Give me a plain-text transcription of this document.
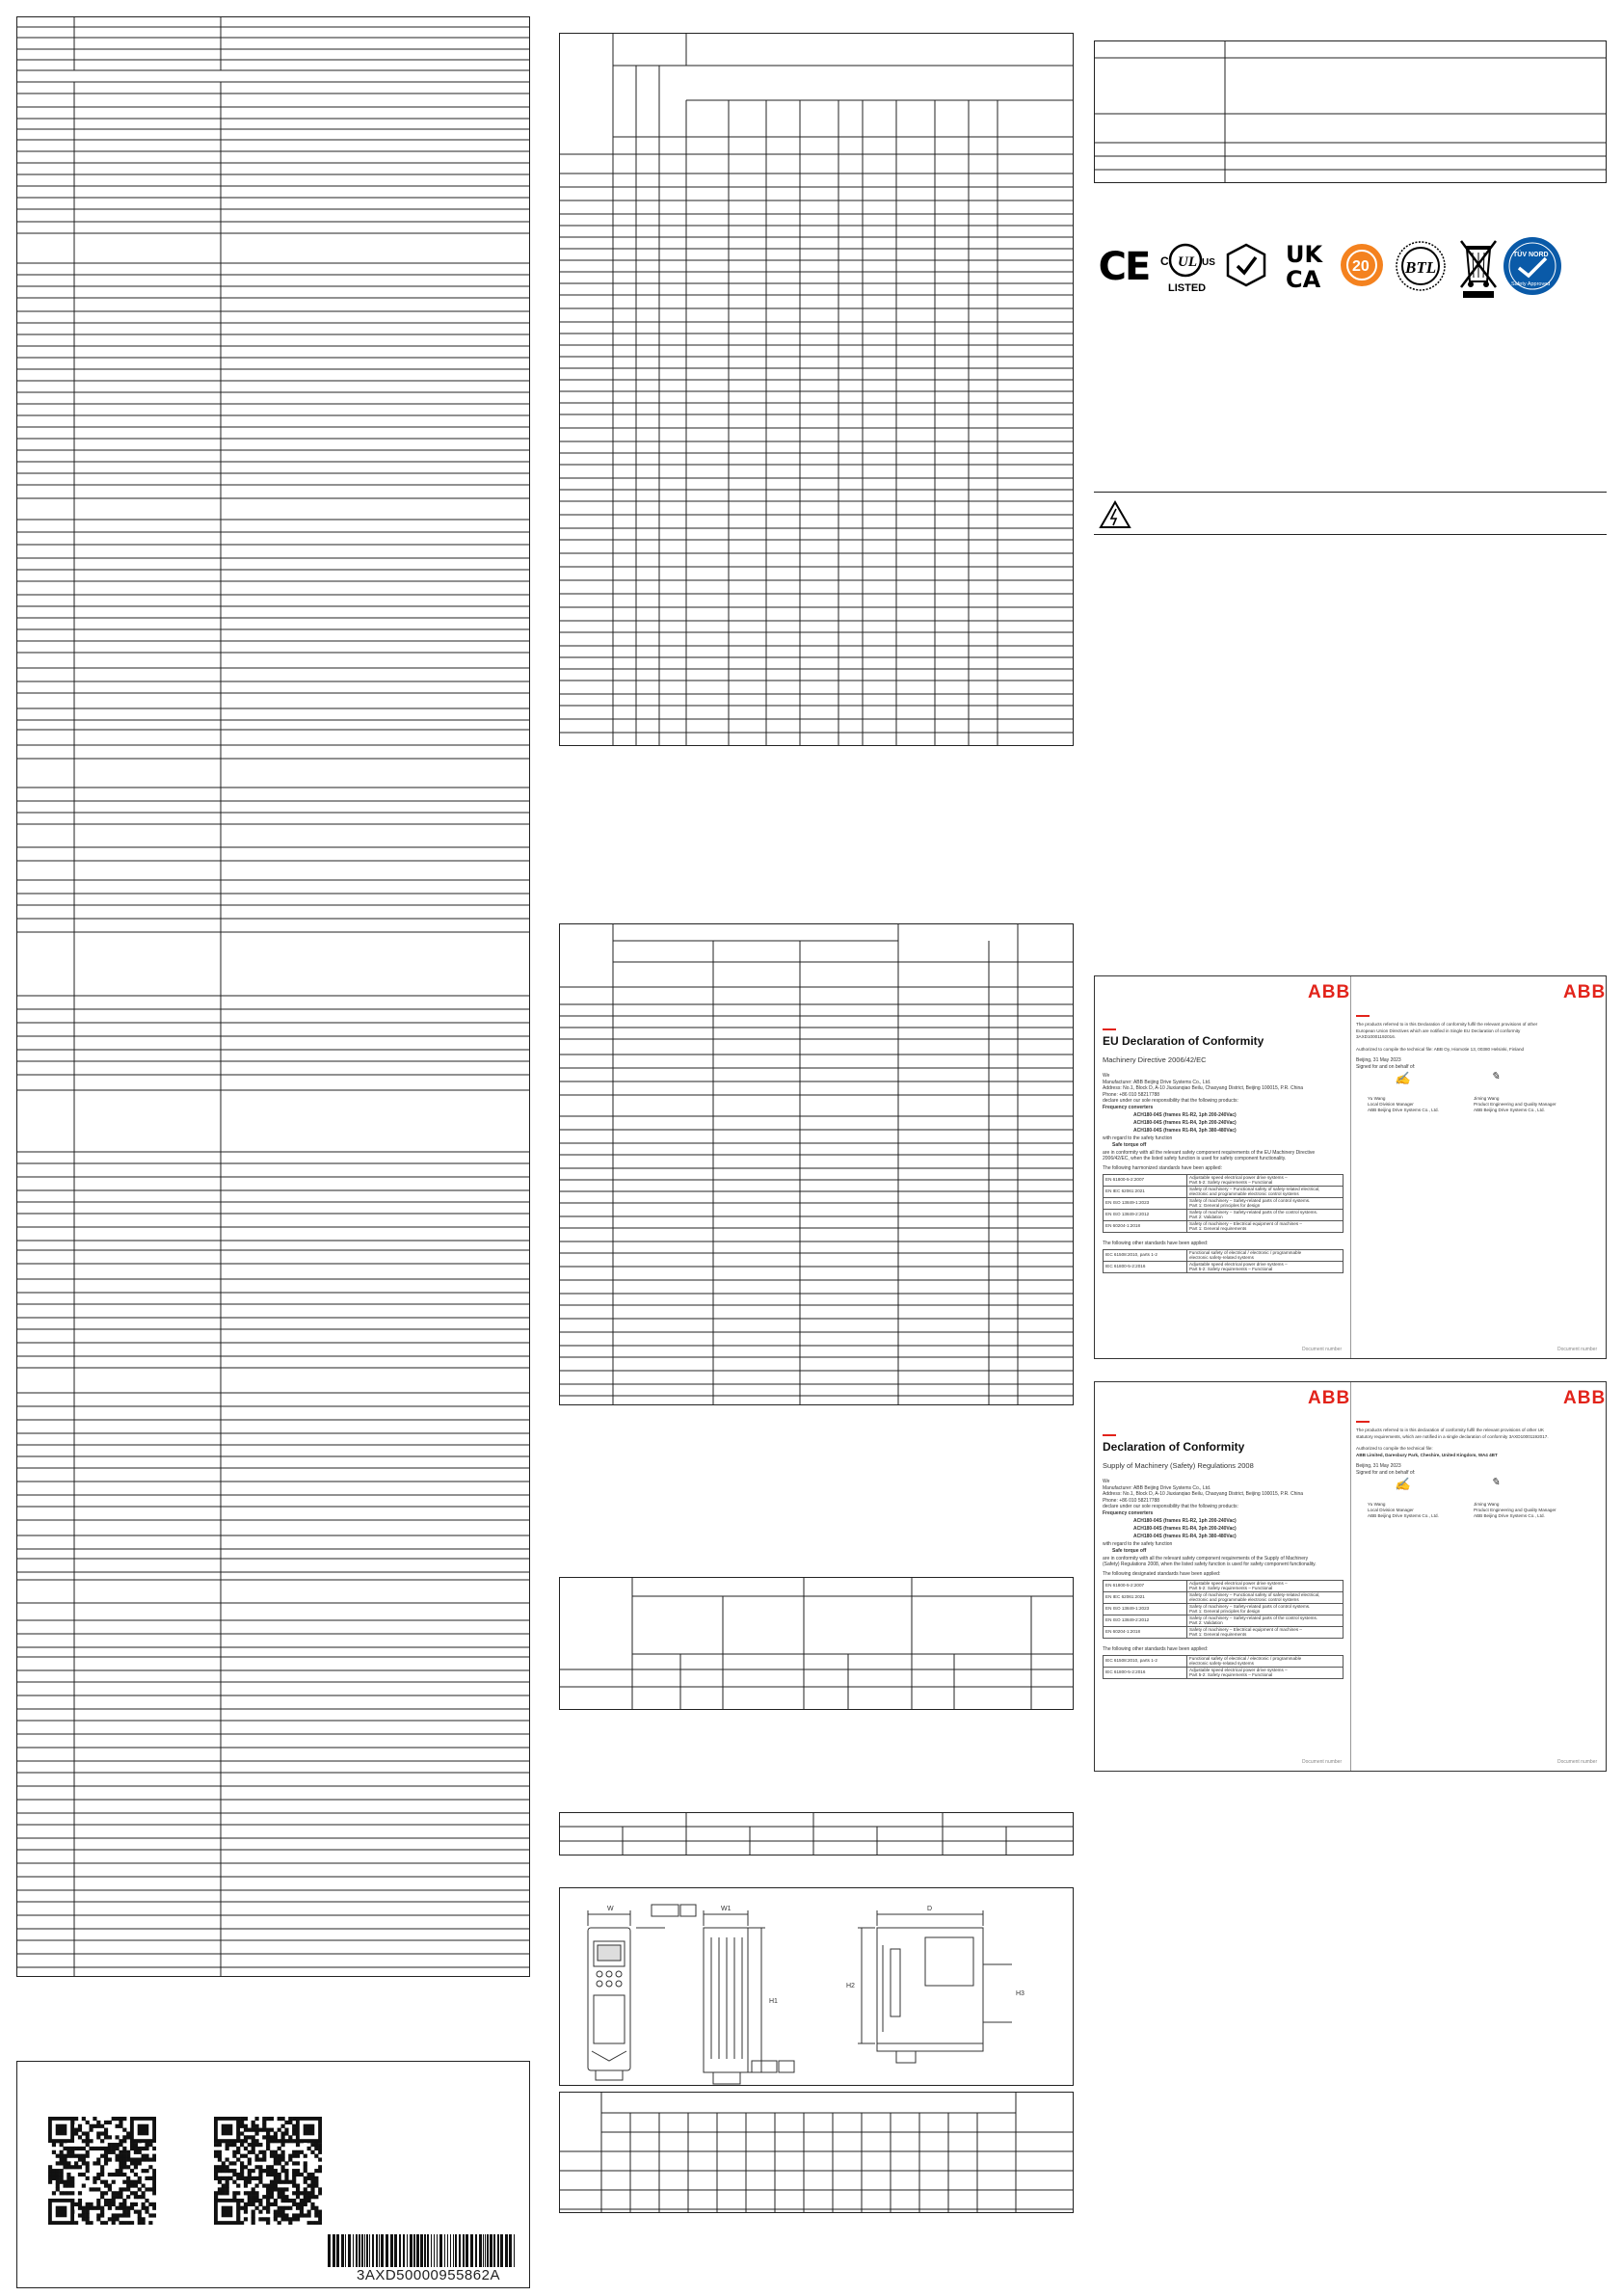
W	W1
H1
D
H2
H3
CE C UL US
LISTED
UK
CA 20 BTL
TÜV NORD
Safety Approved
ABB	ABB
EU Declaration of Conformity
Machinery Directive 2006/42/EC
We
Manufacturer: ABB Beijing Drive Systems Co., Ltd.
Address: No.1, Block D, A-10 Jiuxianqiao Beilu, Chaoyang District, Beijing 100015, P.R. China
Phone: +86 010 58217788
declare under our sole responsibility that the following products:
Frequency converters
ACH180-04S (frames R1-R2, 1ph 200-240Vac)
ACH180-04S (frames R1-R4, 3ph 200-240Vac)
ACH180-04S (frames R1-R4, 3ph 380-480Vac)
with regard to the safety function
Safe torque off
are in conformity with all the relevant safety component requirements of the EU Machinery Directive
2006/42/EC, when the listed safety function is used for safety component functionality.
The following harmonized standards have been applied:
EN 61800-5-2:2007	Adjustable speed electrical power drive systems –
Part 5-2: Safety requirements – Functional

EN IEC 62061:2021	Safety of machinery – Functional safety of safety-related electrical,
electronic and programmable electronic control systems

EN ISO 13849-1:2023	Safety of machinery – Safety-related parts of control systems.
Part 1: General principles for design

EN ISO 13849-2:2012	Safety of machinery – Safety-related parts of the control systems.
Part 2: Validation

EN 60204-1:2018	Safety of machinery – Electrical equipment of machines –
Part 1: General requirements
The following other standards have been applied:
IEC 61508:2010, parts 1-2	Functional safety of electrical / electronic / programmable
electronic safety-related systems

IEC 61800-5-2:2016	Adjustable speed electrical power drive systems –
Part 5-2: Safety requirements – Functional
Document number	Document number
The products referred to in this Declaration of conformity fulfil the relevant provisions of other
European Union Directives which are notified in Single EU Declaration of conformity
3AXD10001192016.
Authorized to compile the technical file: ABB Oy, Hiomotie 13, 00380 Helsinki, Finland
Beijing, 31 May 2023
Signed for and on behalf of:
✍	✎
Yu Wang
Local Division Manager
ABB Beijing Drive Systems Co., Ltd.
Jiming Wang
Product Engineering and Quality Manager
ABB Beijing Drive Systems Co., Ltd.
ABB	ABB
Declaration of Conformity
Supply of Machinery (Safety) Regulations 2008
We
Manufacturer: ABB Beijing Drive Systems Co., Ltd.
Address: No.1, Block D, A-10 Jiuxianqiao Beilu, Chaoyang District, Beijing 100015, P.R. China
Phone: +86 010 58217788
declare under our sole responsibility that the following products:
Frequency converters
ACH180-04S (frames R1-R2, 1ph 200-240Vac)
ACH180-04S (frames R1-R4, 3ph 200-240Vac)
ACH180-04S (frames R1-R4, 3ph 380-480Vac)
with regard to the safety function
Safe torque off
are in conformity with all the relevant safety component requirements of the Supply of Machinery
(Safety) Regulations 2008, when the listed safety function is used for safety component functionality.
The following designated standards have been applied:
EN 61800-5-2:2007	Adjustable speed electrical power drive systems –
Part 5-2: Safety requirements – Functional

EN IEC 62061:2021	Safety of machinery – Functional safety of safety-related electrical,
electronic and programmable electronic control systems

EN ISO 13849-1:2023	Safety of machinery – Safety-related parts of control systems.
Part 1: General principles for design

EN ISO 13849-2:2012	Safety of machinery – Safety-related parts of the control systems.
Part 2: Validation

EN 60204-1:2018	Safety of machinery – Electrical equipment of machines –
Part 1: General requirements
The following other standards have been applied:
IEC 61508:2010, parts 1-2	Functional safety of electrical / electronic / programmable
electronic safety-related systems

IEC 61800-5-2:2016	Adjustable speed electrical power drive systems –
Part 5-2: Safety requirements – Functional
Document number	Document number
The products referred to in this declaration of conformity fulfil the relevant provisions of other UK
statutory requirements, which are notified in a single declaration of conformity 3AXD10001192017.
Authorized to compile the technical file:
ABB Limited, Daresbury Park, Cheshire, United Kingdom, WA4 4BT
Beijing, 31 May 2023
Signed for and on behalf of:
✍	✎
Yu Wang
Local Division Manager
ABB Beijing Drive Systems Co., Ltd.
Jiming Wang
Product Engineering and Quality Manager
ABB Beijing Drive Systems Co., Ltd.
3AXD50000955862A
